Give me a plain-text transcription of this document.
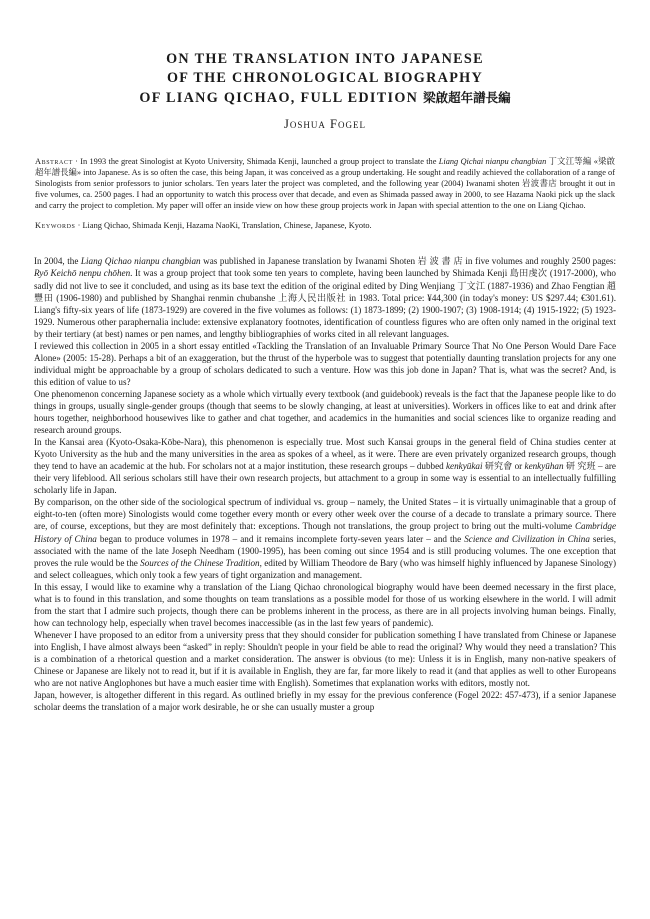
ON THE TRANSLATION INTO JAPANESE
OF THE CHRONOLOGICAL BIOGRAPHY
OF LIANG QICHAO, FULL EDITION 梁啟超年譜長編
Joshua Fogel

Abstract · In 1993 the great Sinologist at Kyoto University, Shimada Kenji, launched a group project to translate the Liang Qichai nianpu changbian 丁文江等編 «梁啟超年譜長編» into Japanese. As is so often the case, this being Japan, it was conceived as a group undertaking. He sought and readily achieved the collaboration of a range of Sinologists from senior professors to junior scholars. Ten years later the project was completed, and the following year (2004) Iwanami shoten 岩波書店 brought it out in five volumes, ca. 2500 pages. I had an opportunity to watch this process over that decade, and even as Shimada passed away in 2000, to see Hazama Naoki pick up the slack and carry the project to completion. My paper will offer an inside view on how these group projects work in Japan with special attention to the one on Liang Qichao.

Keywords · Liang Qichao, Shimada Kenji, Hazama NaoKi, Translation, Chinese, Japanese, Kyoto.

In 2004, the Liang Qichao nianpu changbian was published in Japanese translation by Iwanami Shoten 岩 波 書 店 in five volumes and roughly 2500 pages: Ryō Keichō nenpu chōhen. It was a group project that took some ten years to complete, having been launched by Shimada Kenji 島田虔次 (1917-2000), who sadly did not live to see it concluded, and using as its base text the edition of the original edited by Ding Wenjiang 丁文江 (1887-1936) and Zhao Fengtian 趙豐田 (1906-1980) and published by Shanghai renmin chubanshe 上海人民出版社 in 1983. Total price: ¥44,300 (in today's money: US $297.44; €301.61). Liang's fifty-six years of life (1873-1929) are covered in the five volumes as follows: (1) 1873-1899; (2) 1900-1907; (3) 1908-1914; (4) 1915-1922; (5) 1923-1929. Numerous other paraphernalia include: extensive explanatory footnotes, identification of countless figures who are often only named in the original text by their tertiary (at best) names or pen names, and lengthy bibliographies of works cited in all relevant languages.

I reviewed this collection in 2005 in a short essay entitled «Tackling the Translation of an Invaluable Primary Source That No One Person Would Dare Face Alone» (2005: 15-28). Perhaps a bit of an exaggeration, but the thrust of the hyperbole was to suggest that potentially daunting translation projects for any one individual might be approachable by a group of scholars dedicated to such a venture. How was this job done in Japan? That is, what was the secret? And, is this edition of value to us?

One phenomenon concerning Japanese society as a whole which virtually every textbook (and guidebook) reveals is the fact that the Japanese people like to do things in groups, usually single-gender groups (though that seems to be slowly changing, at least at universities). Workers in offices like to eat and drink after hours together, neighborhood housewives like to gather and chat together, and academics in the humanities and social sciences like to organize reading and research around groups.

In the Kansai area (Kyoto-Osaka-Kōbe-Nara), this phenomenon is especially true. Most such Kansai groups in the general field of China studies center at Kyoto University as the hub and the many universities in the area as spokes of a wheel, as it were. There are even privately organized research groups, though they tend to have an academic at the hub. For scholars not at a major institution, these research groups – dubbed kenkyūkai 研究會 or kenkyūhan 研 究班 – are their very lifeblood. All serious scholars still have their own research projects, but attachment to a group in some way is essential to an intellectually fulfilling scholarly life in Japan.

By comparison, on the other side of the sociological spectrum of individual vs. group – namely, the United States – it is virtually unimaginable that a group of eight-to-ten (often more) Sinologists would come together every month or every other week over the course of a decade to translate a primary source. There are, of course, exceptions, but they are most definitely that: exceptions. Though not translations, the group project to bring out the multi-volume Cambridge History of China began to produce volumes in 1978 – and it remains incomplete forty-seven years later – and the Science and Civilization in China series, associated with the name of the late Joseph Needham (1900-1995), has been coming out since 1954 and is still producing volumes. The one exception that proves the rule would be the Sources of the Chinese Tradition, edited by William Theodore de Bary (who was himself highly influenced by Japanese Sinology) and select colleagues, which only took a few years of tight organization and management.

In this essay, I would like to examine why a translation of the Liang Qichao chronological biography would have been deemed necessary in the first place, what is to found in this translation, and some thoughts on team translations as a possible model for those of us working elsewhere in the world. I will admit from the start that I admire such projects, though there can be problems inherent in the process, as there are in all projects involving human beings. Finally, how can technology help, especially when travel becomes inaccessible (as in the last few years of pandemic).

Whenever I have proposed to an editor from a university press that they should consider for publication something I have translated from Chinese or Japanese into English, I have almost always been “asked” in reply: Shouldn't people in your field be able to read the original? Why would they need a translation? This is a combination of a rhetorical question and a market consideration. The answer is obvious (to me): Unless it is in English, many non-native speakers of Chinese or Japanese are likely not to read it, but if it is available in English, they are far, far more likely to read it (and that applies as well to other Europeans who are not native Anglophones but have a much easier time with English). Sometimes that explanation works with editors, mostly not.

Japan, however, is altogether different in this regard. As outlined briefly in my essay for the previous conference (Fogel 2022: 457-473), if a senior Japanese scholar deems the translation of a major work desirable, he or she can usually muster a group
